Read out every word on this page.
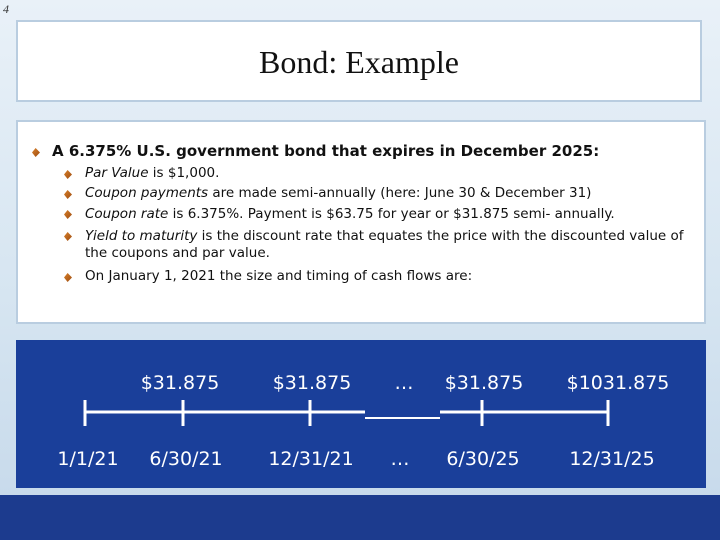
4
Bond: Example
A 6.375% U.S. government bond that expires in December 2025:
Par Value is $1,000.
Coupon payments are made semi-annually (here: June 30 & December 31)
Coupon rate is 6.375%. Payment is $63.75 for year or $31.875 semi- annually.
Yield to maturity is the discount rate that equates the price with the discounted value of the coupons and par value.
On January 1, 2021 the size and timing of cash flows are:
$31.875	$31.875 … $31.875 $1031.875
1/1/21 6/30/21 12/31/21 … 6/30/25	12/31/25
